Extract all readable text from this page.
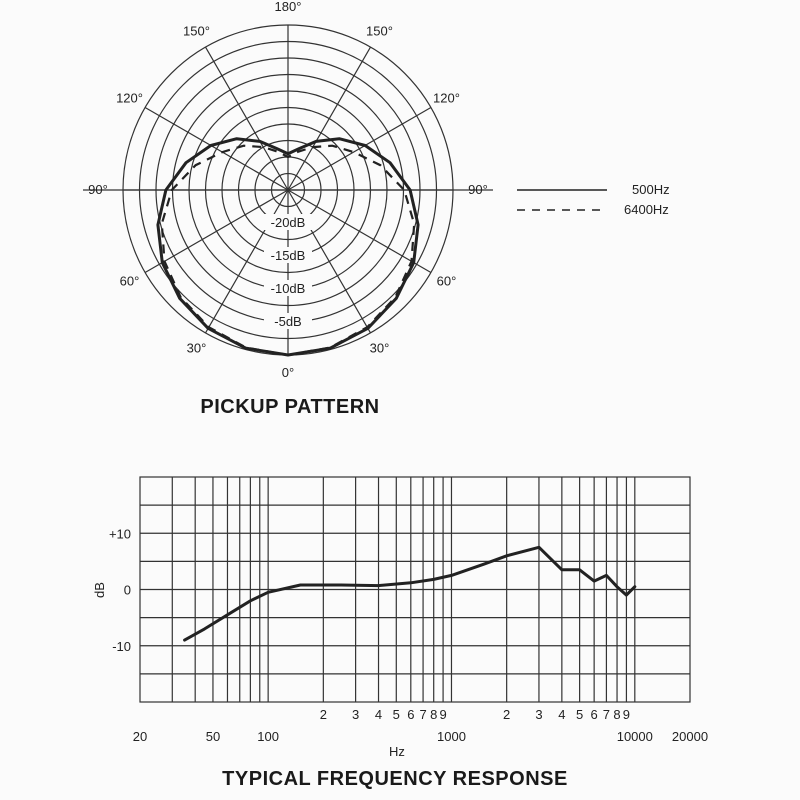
180°
150°
150°
120°
120°
90°
90°
60°
60°
30°
30°
0°
-20dB
-15dB
-10dB
-5dB
500Hz
6400Hz
PICKUP PATTERN
+10
0
-10
20	50	100	1000	10000 20000
2 3 4 5 6 7 8 9	2 3 4 5 6 7 8 9
dB
Hz
TYPICAL FREQUENCY RESPONSE
